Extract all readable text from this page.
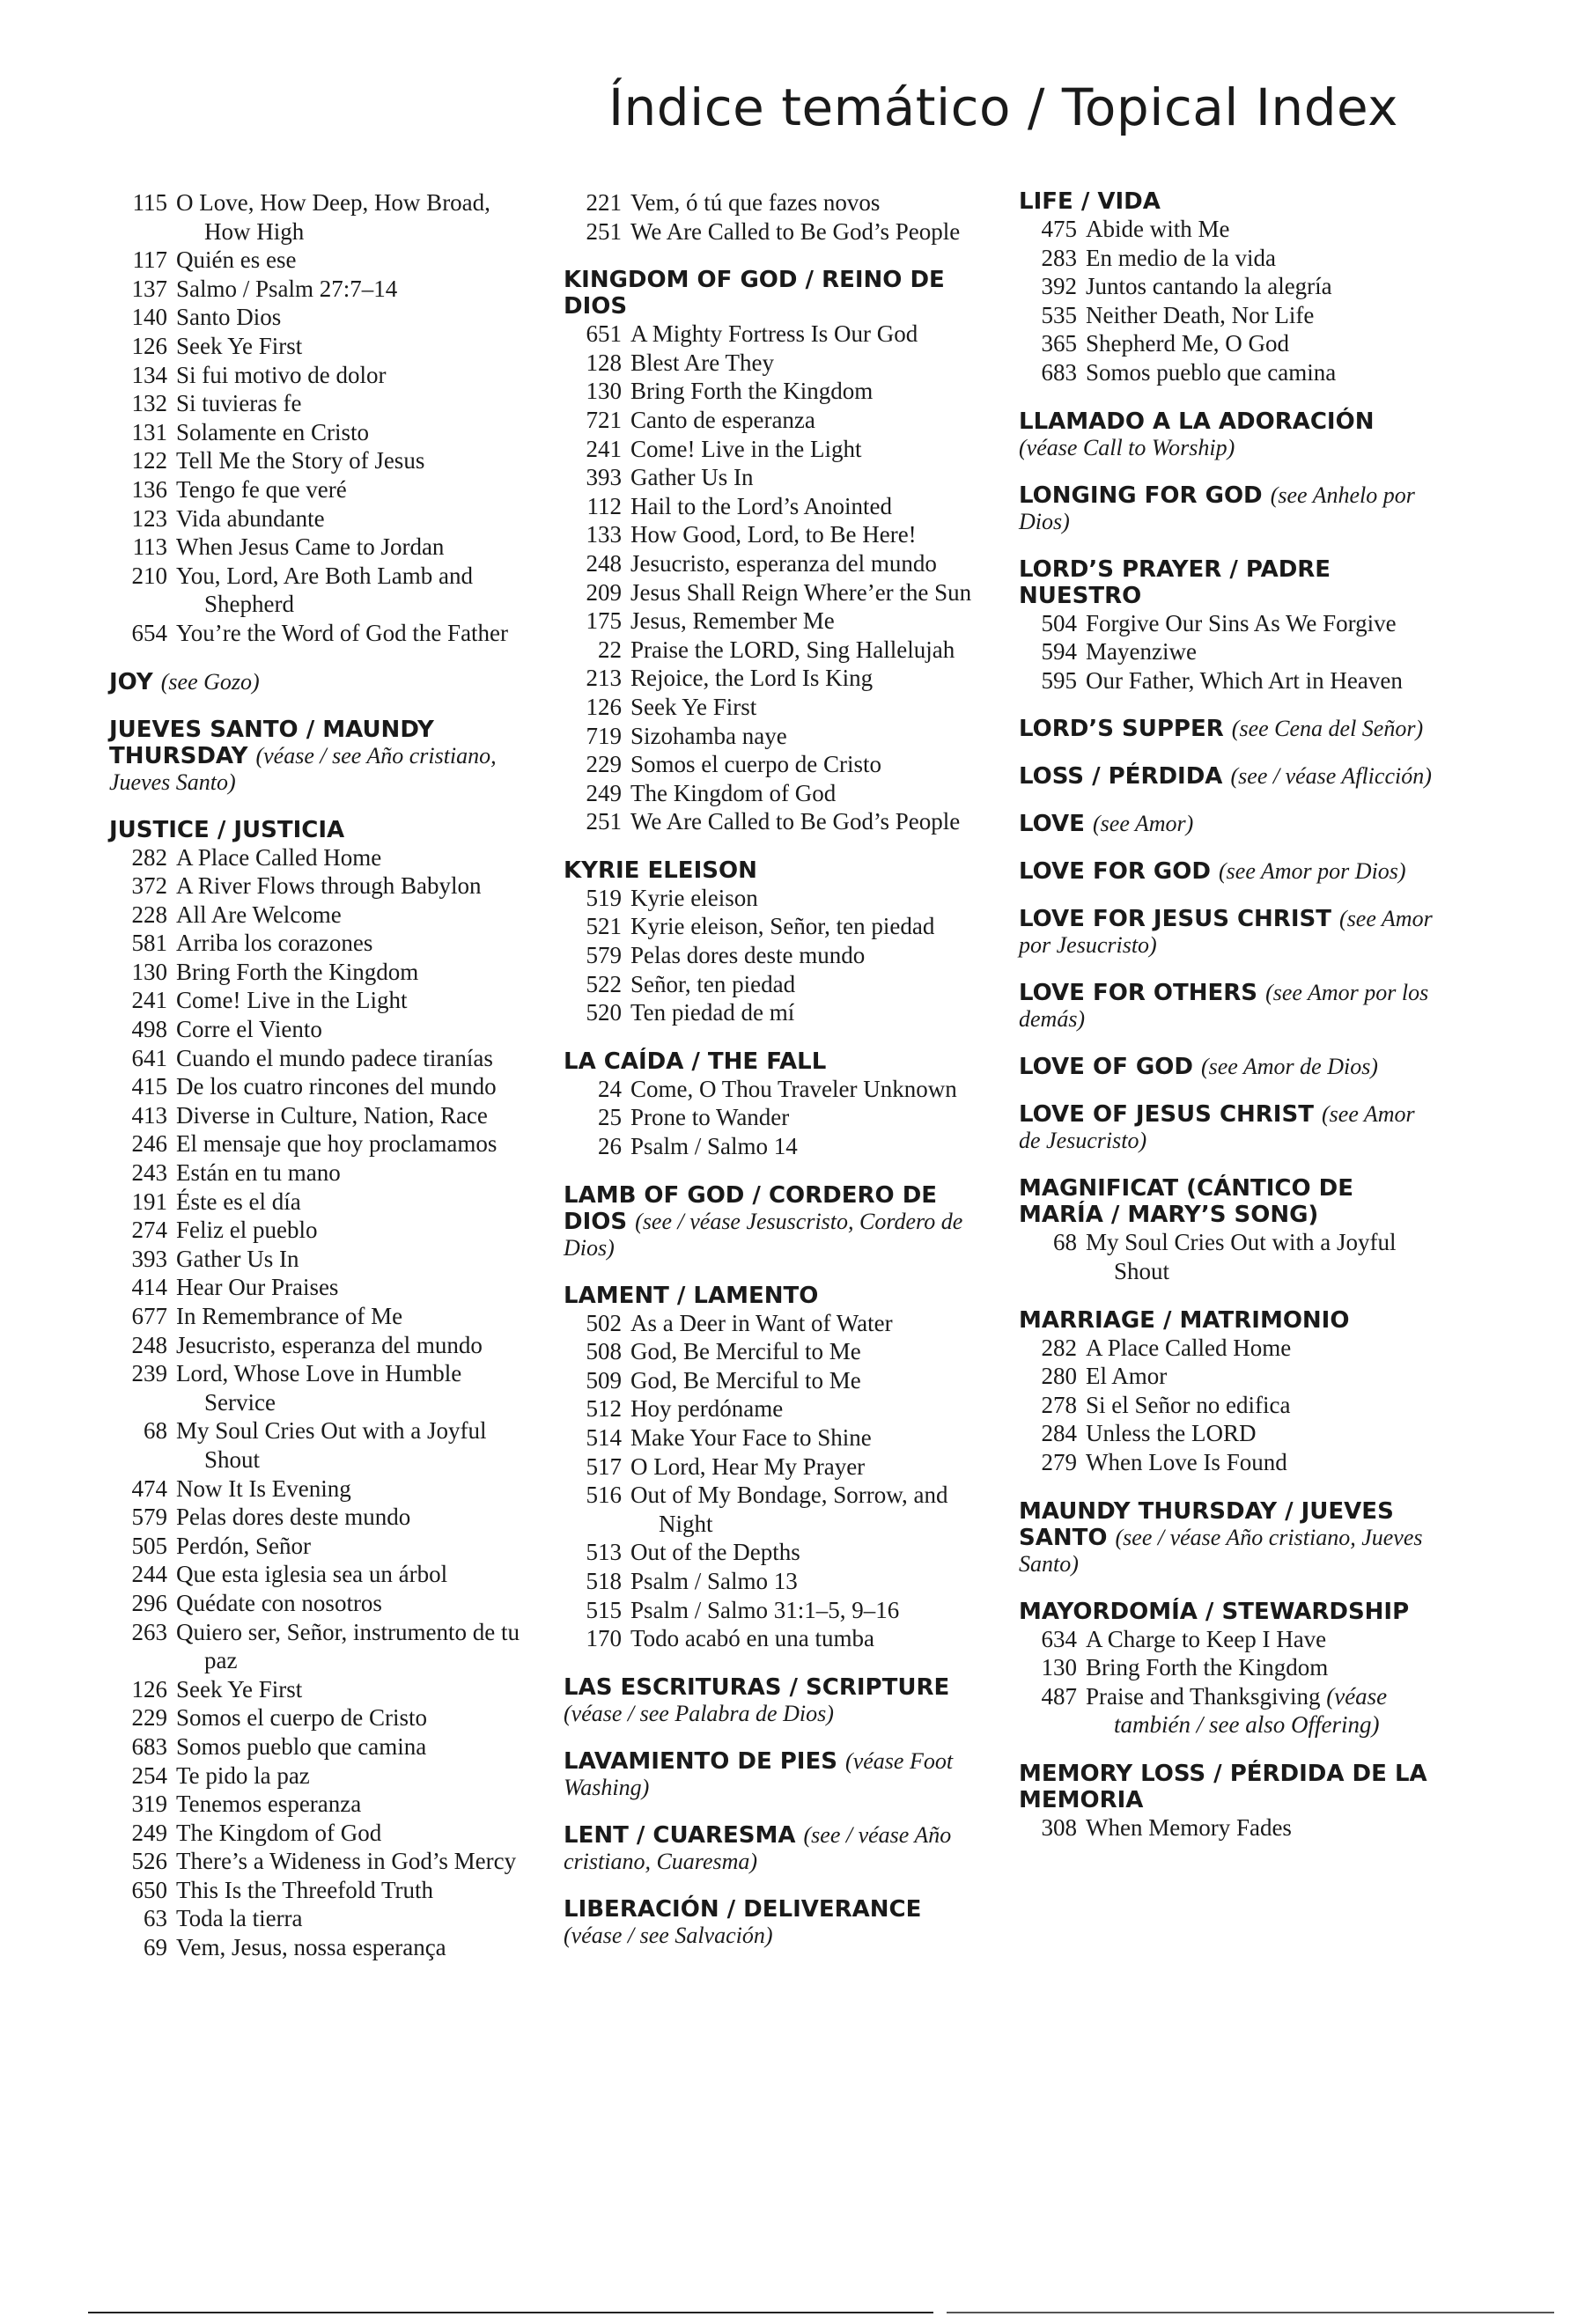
Índice temático / Topical Index
115 O Love, How Deep, How Broad, How High
117 Quién es ese
137 Salmo / Psalm 27:7–14
140 Santo Dios
126 Seek Ye First
134 Si fui motivo de dolor
132 Si tuvieras fe
131 Solamente en Cristo
122 Tell Me the Story of Jesus
136 Tengo fe que veré
123 Vida abundante
113 When Jesus Came to Jordan
210 You, Lord, Are Both Lamb and Shepherd
654 You’re the Word of God the Father
JOY (see Gozo)
JUEVES SANTO / MAUNDY THURSDAY (véase / see Año cristiano, Jueves Santo)
JUSTICE / JUSTICIA
282 A Place Called Home
372 A River Flows through Babylon
228 All Are Welcome
581 Arriba los corazones
130 Bring Forth the Kingdom
241 Come! Live in the Light
498 Corre el Viento
641 Cuando el mundo padece tiranías
415 De los cuatro rincones del mundo
413 Diverse in Culture, Nation, Race
246 El mensaje que hoy proclamamos
243 Están en tu mano
191 Éste es el día
274 Feliz el pueblo
393 Gather Us In
414 Hear Our Praises
677 In Remembrance of Me
248 Jesucristo, esperanza del mundo
239 Lord, Whose Love in Humble Service
68 My Soul Cries Out with a Joyful Shout
474 Now It Is Evening
579 Pelas dores deste mundo
505 Perdón, Señor
244 Que esta iglesia sea un árbol
296 Quédate con nosotros
263 Quiero ser, Señor, instrumento de tu paz
126 Seek Ye First
229 Somos el cuerpo de Cristo
683 Somos pueblo que camina
254 Te pido la paz
319 Tenemos esperanza
249 The Kingdom of God
526 There’s a Wideness in God’s Mercy
650 This Is the Threefold Truth
63 Toda la tierra
69 Vem, Jesus, nossa esperança
221 Vem, ó tú que fazes novos
251 We Are Called to Be God’s People
KINGDOM OF GOD / REINO DE DIOS
651 A Mighty Fortress Is Our God
128 Blest Are They
130 Bring Forth the Kingdom
721 Canto de esperanza
241 Come! Live in the Light
393 Gather Us In
112 Hail to the Lord’s Anointed
133 How Good, Lord, to Be Here!
248 Jesucristo, esperanza del mundo
209 Jesus Shall Reign Where’er the Sun
175 Jesus, Remember Me
22 Praise the LORD, Sing Hallelujah
213 Rejoice, the Lord Is King
126 Seek Ye First
719 Sizohamba naye
229 Somos el cuerpo de Cristo
249 The Kingdom of God
251 We Are Called to Be God’s People
KYRIE ELEISON
519 Kyrie eleison
521 Kyrie eleison, Señor, ten piedad
579 Pelas dores deste mundo
522 Señor, ten piedad
520 Ten piedad de mí
LA CAÍDA / THE FALL
24 Come, O Thou Traveler Unknown
25 Prone to Wander
26 Psalm / Salmo 14
LAMB OF GOD / CORDERO DE DIOS (see / véase Jesuscristo, Cordero de Dios)
LAMENT / LAMENTO
502 As a Deer in Want of Water
508 God, Be Merciful to Me
509 God, Be Merciful to Me
512 Hoy perdóname
514 Make Your Face to Shine
517 O Lord, Hear My Prayer
516 Out of My Bondage, Sorrow, and Night
513 Out of the Depths
518 Psalm / Salmo 13
515 Psalm / Salmo 31:1–5, 9–16
170 Todo acabó en una tumba
LAS ESCRITURAS / SCRIPTURE (véase / see Palabra de Dios)
LAVAMIENTO DE PIES (véase Foot Washing)
LENT / CUARESMA (see / véase Año cristiano, Cuaresma)
LIBERACIÓN / DELIVERANCE (véase / see Salvación)
LIFE / VIDA
475 Abide with Me
283 En medio de la vida
392 Juntos cantando la alegría
535 Neither Death, Nor Life
365 Shepherd Me, O God
683 Somos pueblo que camina
LLAMADO A LA ADORACIÓN (véase Call to Worship)
LONGING FOR GOD (see Anhelo por Dios)
LORD’S PRAYER / PADRE NUESTRO
504 Forgive Our Sins As We Forgive
594 Mayenziwe
595 Our Father, Which Art in Heaven
LORD’S SUPPER (see Cena del Señor)
LOSS / PÉRDIDA (see / véase Aflicción)
LOVE (see Amor)
LOVE FOR GOD (see Amor por Dios)
LOVE FOR JESUS CHRIST (see Amor por Jesucristo)
LOVE FOR OTHERS (see Amor por los demás)
LOVE OF GOD (see Amor de Dios)
LOVE OF JESUS CHRIST (see Amor de Jesucristo)
MAGNIFICAT (CÁNTICO DE MARÍA / MARY’S SONG)
68 My Soul Cries Out with a Joyful Shout
MARRIAGE / MATRIMONIO
282 A Place Called Home
280 El Amor
278 Si el Señor no edifica
284 Unless the LORD
279 When Love Is Found
MAUNDY THURSDAY / JUEVES SANTO (see / véase Año cristiano, Jueves Santo)
MAYORDOMÍA / STEWARDSHIP
634 A Charge to Keep I Have
130 Bring Forth the Kingdom
487 Praise and Thanksgiving (véase también / see also Offering)
MEMORY LOSS / PÉRDIDA DE LA MEMORIA
308 When Memory Fades
